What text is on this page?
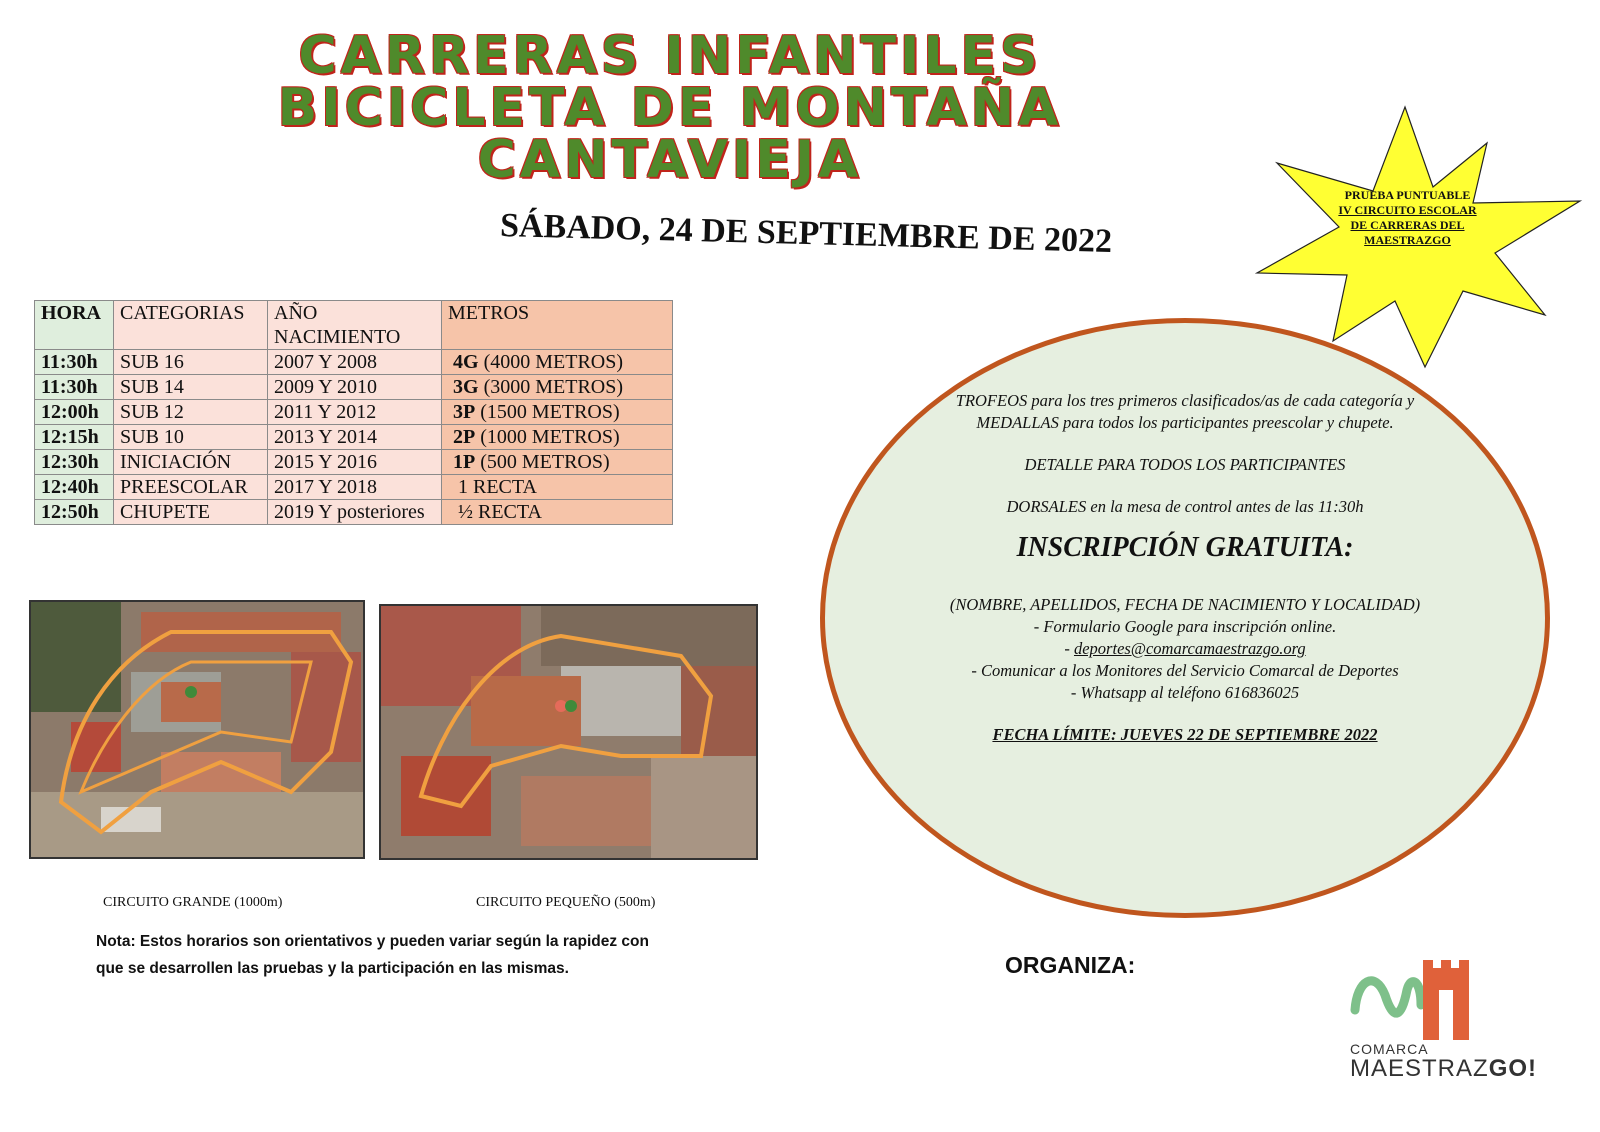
CARRERAS INFANTILES
BICICLETA DE MONTAÑA
CANTAVIEJA
SÁBADO, 24 DE SEPTIEMBRE DE 2022
PRUEBA PUNTUABLE
IV CIRCUITO ESCOLAR
DE CARRERAS DEL
MAESTRAZGO
HORA	CATEGORIAS	AÑO NACIMIENTO	METROS
11:30h	SUB 16	2007 Y 2008	4G (4000 METROS)
11:30h	SUB 14	2009 Y 2010	3G (3000 METROS)
12:00h	SUB 12	2011 Y 2012	3P (1500 METROS)
12:15h	SUB 10	2013 Y 2014	2P (1000 METROS)
12:30h	INICIACIÓN	2015 Y 2016	1P (500 METROS)
12:40h	PREESCOLAR	2017 Y 2018	1 RECTA
12:50h	CHUPETE	2019 Y posteriores	½ RECTA
CIRCUITO GRANDE (1000m)	CIRCUITO PEQUEÑO (500m)
Nota: Estos horarios son orientativos y pueden variar según la rapidez con
que se desarrollen las pruebas y la participación en las mismas.

TROFEOS para los tres primeros clasificados/as de cada categoría y MEDALLAS para todos los participantes preescolar y chupete.

DETALLE PARA TODOS LOS PARTICIPANTES

DORSALES en la mesa de control antes de las 11:30h

INSCRIPCIÓN GRATUITA:

(NOMBRE, APELLIDOS, FECHA DE NACIMIENTO Y LOCALIDAD)

- Formulario Google para inscripción online.

- deportes@comarcamaestrazgo.org

- Comunicar a los Monitores del Servicio Comarcal de Deportes

- Whatsapp al teléfono 616836025

FECHA LÍMITE: JUEVES 22 DE SEPTIEMBRE 2022

ORGANIZA:
COMARCA
MAESTRAZGO!
